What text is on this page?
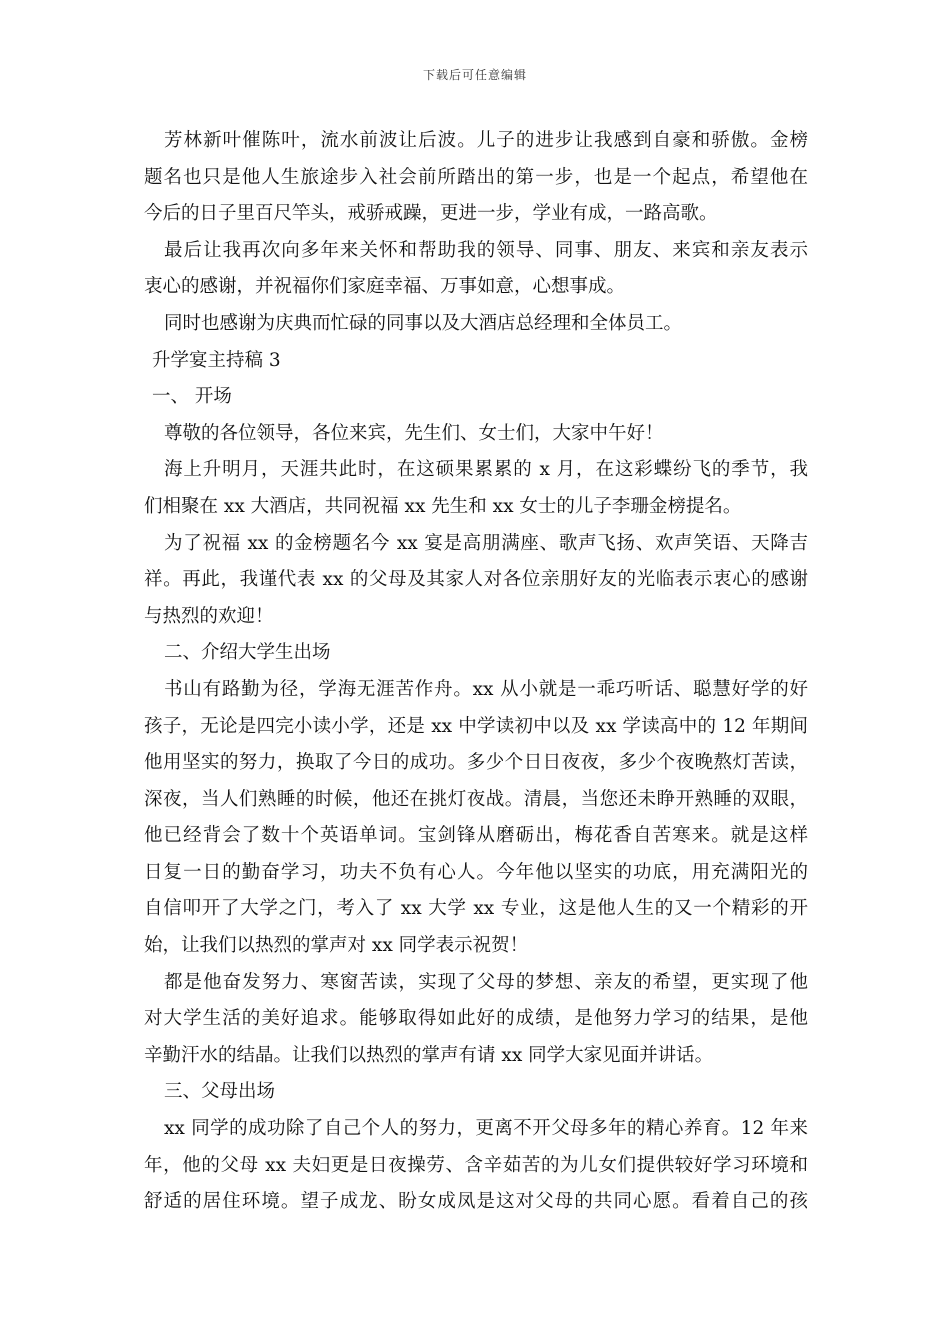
下载后可任意编辑
芳林新叶催陈叶，流水前波让后波。儿子的进步让我感到自豪和骄傲。金榜
题名也只是他人生旅途步入社会前所踏出的第一步，也是一个起点，希望他在
今后的日子里百尺竿头，戒骄戒躁，更进一步，学业有成，一路高歌。
最后让我再次向多年来关怀和帮助我的领导、同事、朋友、来宾和亲友表示
衷心的感谢，并祝福你们家庭幸福、万事如意，心想事成。
同时也感谢为庆典而忙碌的同事以及大酒店总经理和全体员工。
升学宴主持稿 3
一、 开场
尊敬的各位领导，各位来宾，先生们、女士们，大家中午好！
海上升明月，天涯共此时，在这硕果累累的 x 月，在这彩蝶纷飞的季节，我
们相聚在 xx 大酒店，共同祝福 xx 先生和 xx 女士的儿子李珊金榜提名。
为了祝福 xx 的金榜题名今 xx 宴是高朋满座、歌声飞扬、欢声笑语、天降吉
祥。再此，我谨代表 xx 的父母及其家人对各位亲朋好友的光临表示衷心的感谢
与热烈的欢迎！
二、介绍大学生出场
书山有路勤为径，学海无涯苦作舟。xx 从小就是一乖巧听话、聪慧好学的好
孩子，无论是四完小读小学，还是 xx 中学读初中以及 xx 学读高中的 12 年期间
他用坚实的努力，换取了今日的成功。多少个日日夜夜，多少个夜晚熬灯苦读，
深夜，当人们熟睡的时候，他还在挑灯夜战。清晨，当您还未睁开熟睡的双眼，
他已经背会了数十个英语单词。宝剑锋从磨砺出，梅花香自苦寒来。就是这样
日复一日的勤奋学习，功夫不负有心人。今年他以坚实的功底，用充满阳光的
自信叩开了大学之门，考入了 xx 大学 xx 专业，这是他人生的又一个精彩的开
始，让我们以热烈的掌声对 xx 同学表示祝贺！
都是他奋发努力、寒窗苦读，实现了父母的梦想、亲友的希望，更实现了他
对大学生活的美好追求。能够取得如此好的成绩，是他努力学习的结果，是他
辛勤汗水的结晶。让我们以热烈的掌声有请 xx 同学大家见面并讲话。
三、父母出场
xx 同学的成功除了自己个人的努力，更离不开父母多年的精心养育。12 年来
年，他的父母 xx 夫妇更是日夜操劳、含辛茹苦的为儿女们提供较好学习环境和
舒适的居住环境。望子成龙、盼女成凤是这对父母的共同心愿。看着自己的孩
